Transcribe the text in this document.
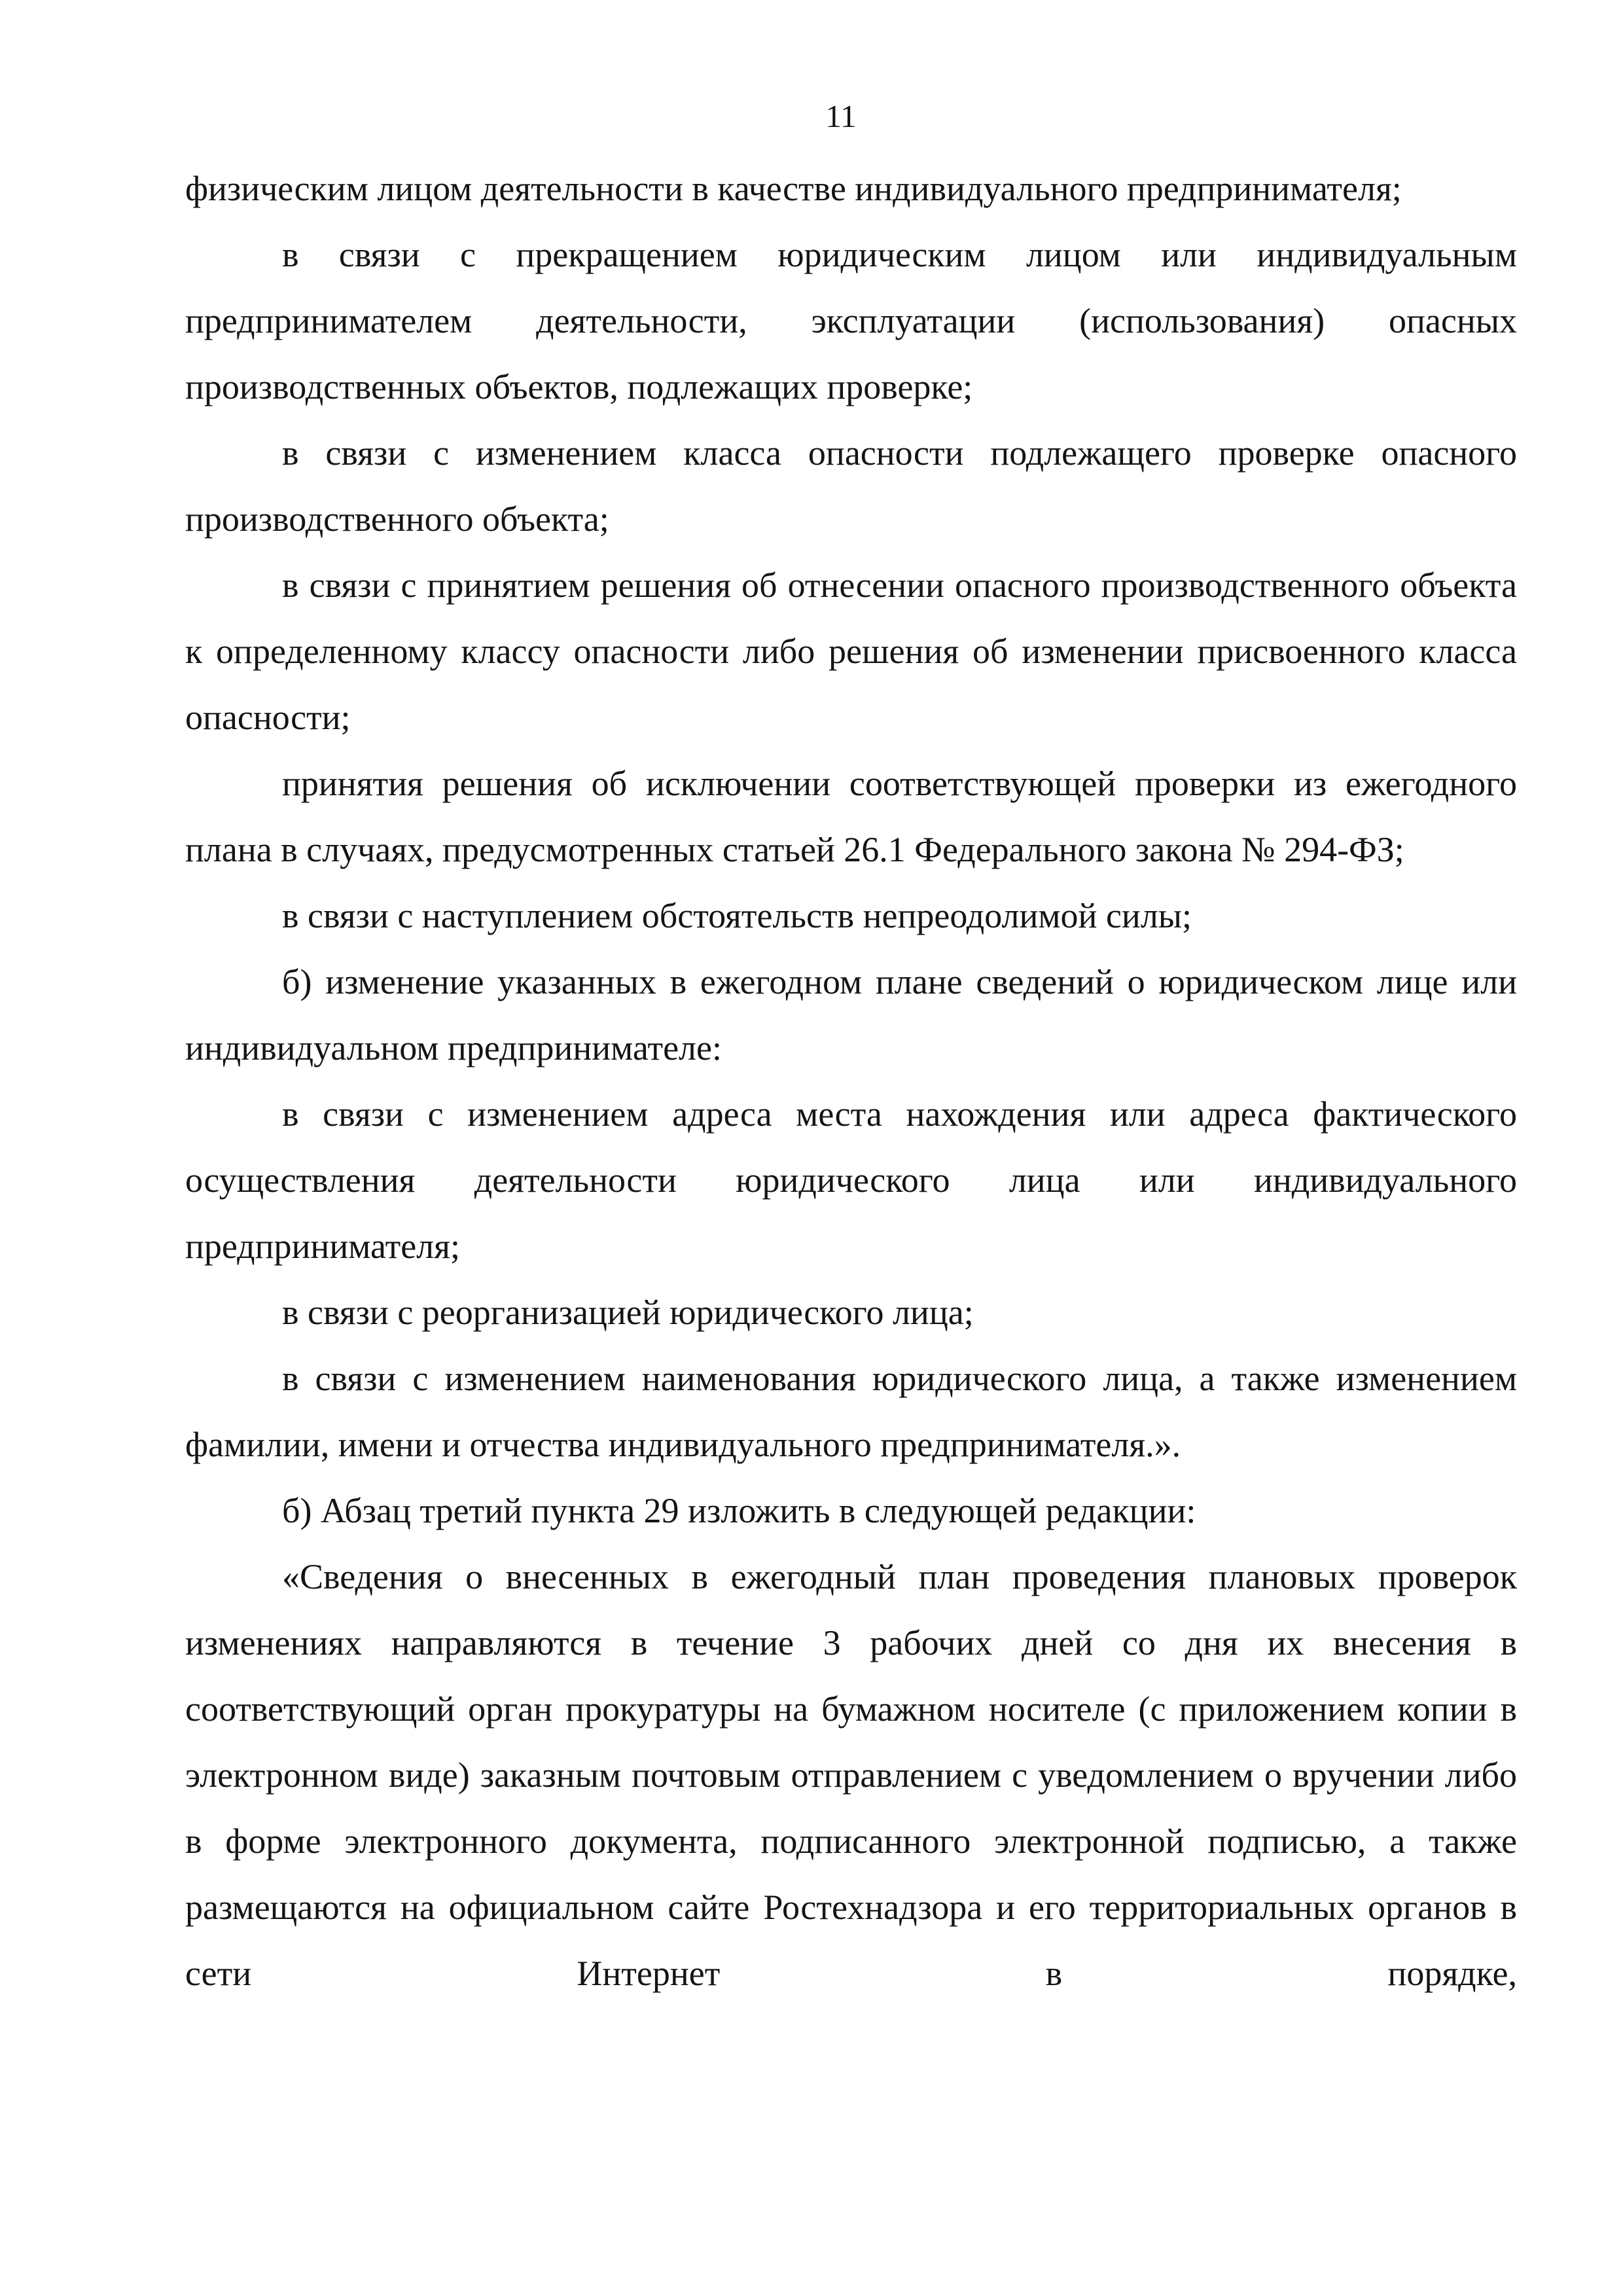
11

физическим лицом деятельности в качестве индивидуального предпринимателя;

в связи с прекращением юридическим лицом или индивидуальным предпринимателем деятельности, эксплуатации (использования) опасных производственных объектов, подлежащих проверке;

в связи с изменением класса опасности подлежащего проверке опасного производственного объекта;

в связи с принятием решения об отнесении опасного производственного объекта к определенному классу опасности либо решения об изменении присвоенного класса опасности;

принятия решения об исключении соответствующей проверки из ежегодного плана в случаях, предусмотренных статьей 26.1 Федерального закона № 294-ФЗ;

в связи с наступлением обстоятельств непреодолимой силы;

б) изменение указанных в ежегодном плане сведений о юридическом лице или индивидуальном предпринимателе:

в связи с изменением адреса места нахождения или адреса фактического осуществления деятельности юридического лица или индивидуального предпринимателя;

в связи с реорганизацией юридического лица;

в связи с изменением наименования юридического лица, а также изменением фамилии, имени и отчества индивидуального предпринимателя.».

б) Абзац третий пункта 29 изложить в следующей редакции:

«Сведения о внесенных в ежегодный план проведения плановых проверок изменениях направляются в течение 3 рабочих дней со дня их внесения в соответствующий орган прокуратуры на бумажном носителе (с приложением копии в электронном виде) заказным почтовым отправлением с уведомлением о вручении либо в форме электронного документа, подписанного электронной подписью, а также размещаются на официальном сайте Ростехнадзора и его территориальных органов в сети Интернет в порядке,
